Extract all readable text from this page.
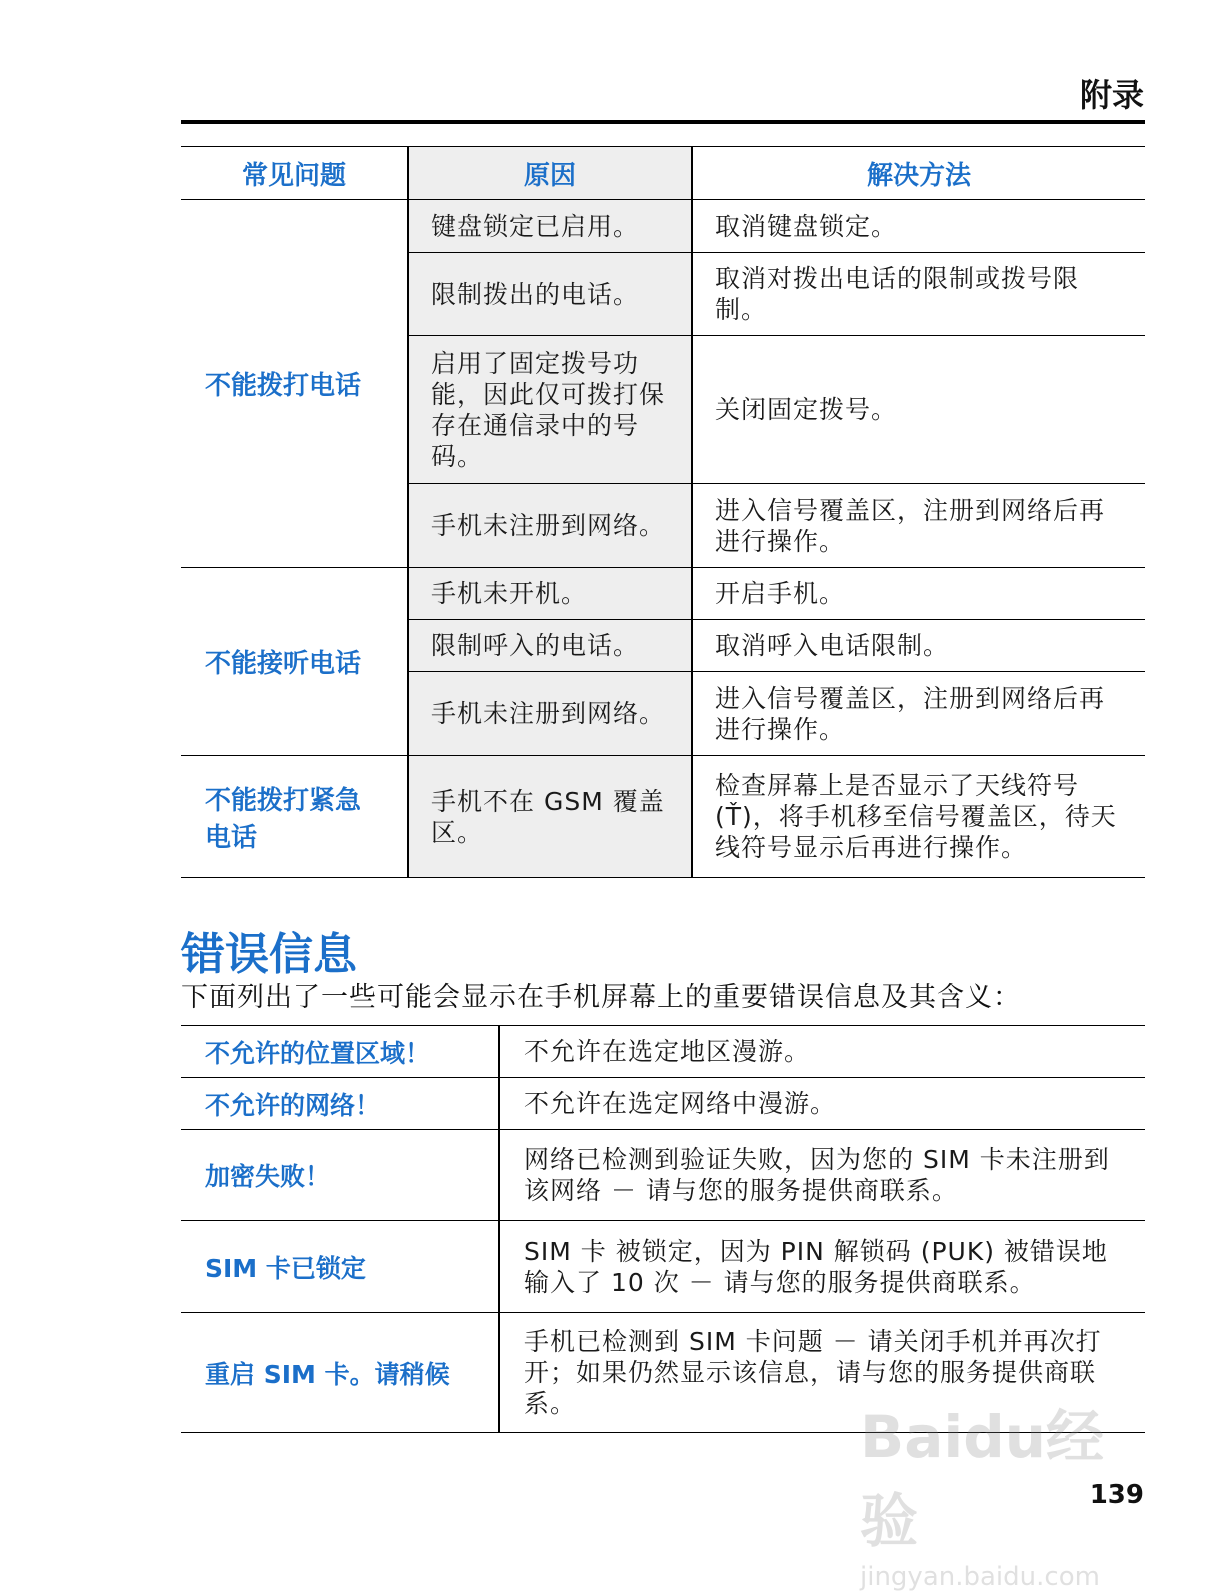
附录
常见问题	原因	解决方法
不能拨打电话	键盘锁定已启用。	取消键盘锁定。

	限制拨出的电话。	取消对拨出电话的限制或拨号限制。

	启用了固定拨号功能，因此仅可拨打保存在通信录中的号码。	关闭固定拨号。

	手机未注册到网络。	进入信号覆盖区，注册到网络后再进行操作。

不能接听电话	手机未开机。	开启手机。

	限制呼入的电话。	取消呼入电话限制。

	手机未注册到网络。	进入信号覆盖区，注册到网络后再进行操作。

不能拨打紧急电话	手机不在 GSM 覆盖区。	检查屏幕上是否显示了天线符号 (Ť)，将手机移至信号覆盖区，待天线符号显示后再进行操作。
错误信息
下面列出了一些可能会显示在手机屏幕上的重要错误信息及其含义：
不允许的位置区域！	不允许在选定地区漫游。

不允许的网络！	不允许在选定网络中漫游。

加密失败！	网络已检测到验证失败，因为您的 SIM 卡未注册到该网络 － 请与您的服务提供商联系。

SIM 卡已锁定	SIM 卡 被锁定，因为 PIN 解锁码 (PUK) 被错误地输入了 10 次 － 请与您的服务提供商联系。

重启 SIM 卡。请稍候	手机已检测到 SIM 卡问题 － 请关闭手机并再次打开；如果仍然显示该信息，请与您的服务提供商联系。	Baidu经验
jingyan.baidu.com
139
